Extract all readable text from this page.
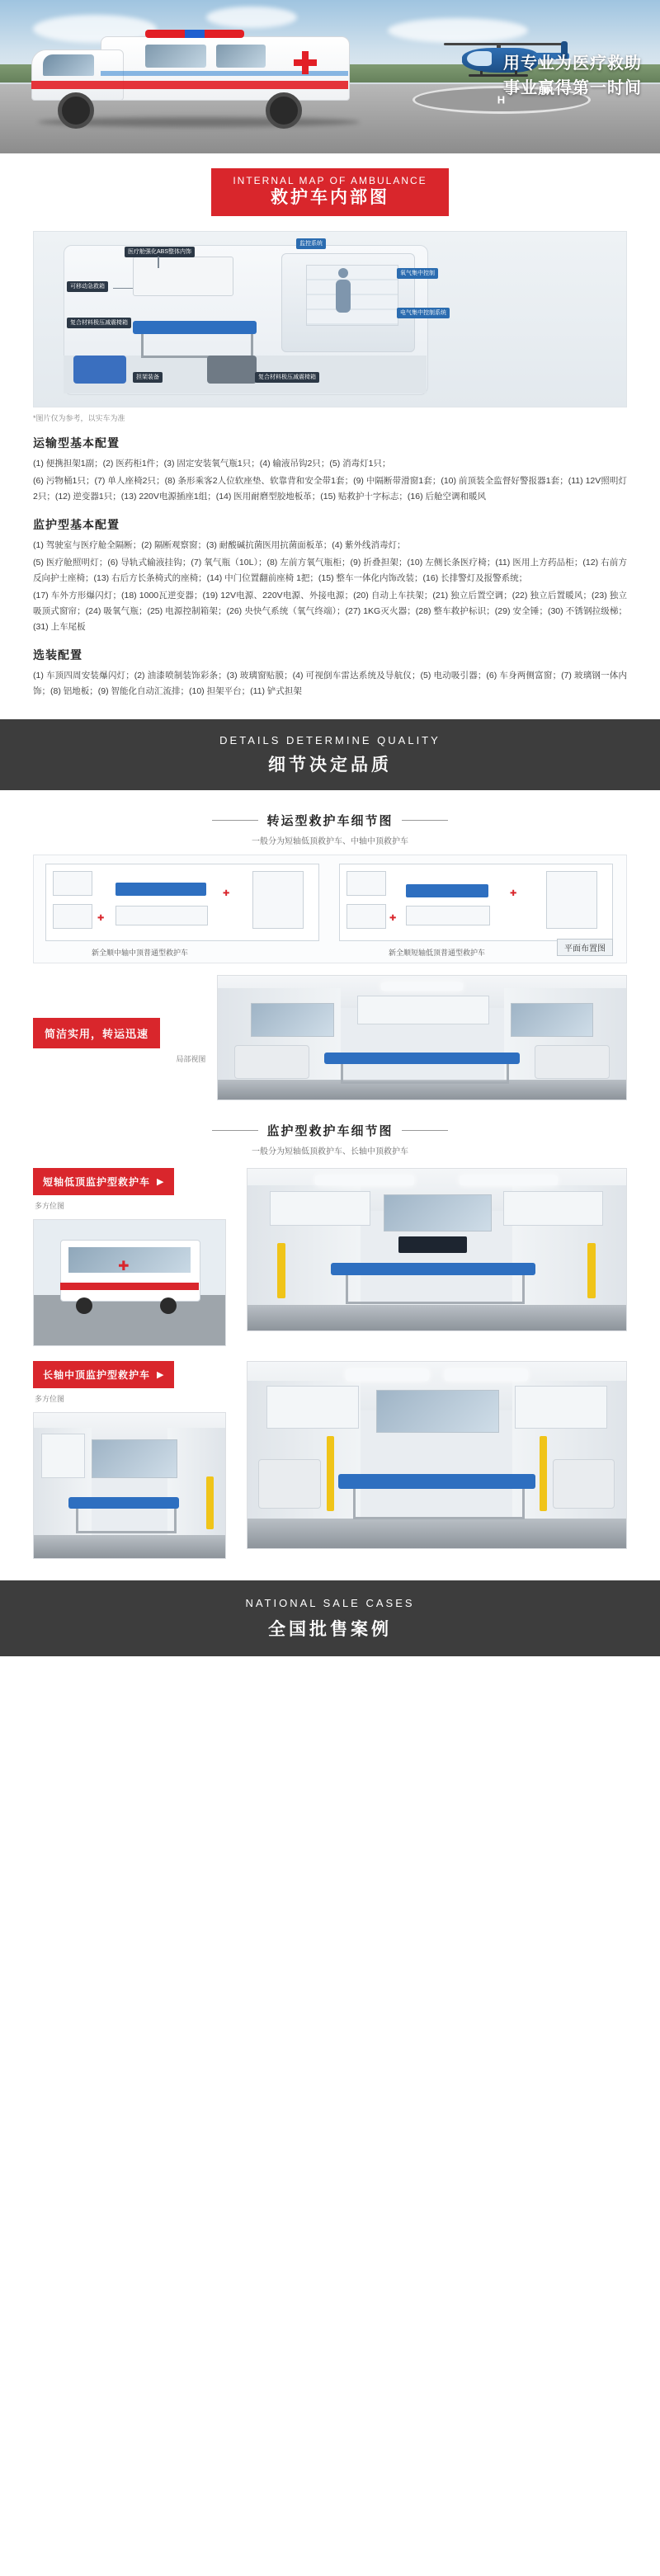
H
用专业为医疗救助
事业赢得第一时间
INTERNAL MAP OF AMBULANCE
救护车内部图
医疗舱强化ABS整体内饰
可移动急救箱
复合材料极压减震椅箱
担架装备
监控系统
氧气集中控制
电气集中控制系统
复合材料极压减震椅箱
*图片仅为参考，以实车为准
运输型基本配置

(1) 便携担架1副；(2) 医药柜1件；(3) 固定安装氧气瓶1只；(4) 输液吊钩2只；(5) 消毒灯1只；

(6) 污物桶1只；(7) 单人座椅2只；(8) 条形乘客2人位软座垫、软靠背和安全带1套；(9) 中隔断带滑窗1套；(10) 前顶装全监督好警报器1套；(11) 12V照明灯2只；(12) 逆变器1只；(13) 220V电源插座1组；(14) 医用耐磨型胶地板革；(15) 贴救护十字标志；(16) 后舱空调和暖风

监护型基本配置

(1) 驾驶室与医疗舱全隔断；(2) 隔断观察窗；(3) 耐酸碱抗菌医用抗菌面板革；(4) 紫外线消毒灯；

(5) 医疗舱照明灯；(6) 导轨式输液挂钩；(7) 氧气瓶（10L）；(8) 左前方氧气瓶柜；(9) 折叠担架；(10) 左侧长条医疗椅；(11) 医用上方药品柜；(12) 右前方反向护士座椅；(13) 右后方长条椅式的座椅；(14) 中门位置翻前座椅 1把；(15) 整车一体化内饰改装；(16) 长排警灯及报警系统；

(17) 车外方形爆闪灯；(18) 1000瓦逆变器；(19) 12V电源、220V电源、外接电源；(20) 自动上车扶架；(21) 独立后置空调；(22) 独立后置暖风；(23) 独立吸顶式窗帘；(24) 吸氧气瓶；(25) 电源控制箱架；(26) 央快气系统（氧气终端）；(27) 1KG灭火器；(28) 整车救护标识；(29) 安全锤；(30) 不锈钢拉级梯；(31) 上车尾板

选装配置

(1) 车顶四周安装爆闪灯；(2) 油漆喷制装饰彩条；(3) 玻璃窗贴膜；(4) 可视倒车雷达系统及导航仪；(5) 电动吸引器；(6) 车身两侧富窗；(7) 玻璃钢一体内饰；(8) 铝地板；(9) 智能化自动汇流排；(10) 担架平台；(11) 铲式担架

DETAILS DETERMINE QUALITY
细节决定品质
转运型救护车细节图
一般分为短轴低顶救护车、中轴中顶救护车
✚
✚
✚
✚
新全顺中轴中顶普通型救护车	新全顺短轴低顶普通型救护车	平面布置图
简洁实用，转运迅速
局部视图
监护型救护车细节图
一般分为短轴低顶救护车、长轴中顶救护车
短轴低顶监护型救护车 ▶
多方位图
✚
长轴中顶监护型救护车 ▶
多方位图
NATIONAL SALE CASES
全国批售案例
